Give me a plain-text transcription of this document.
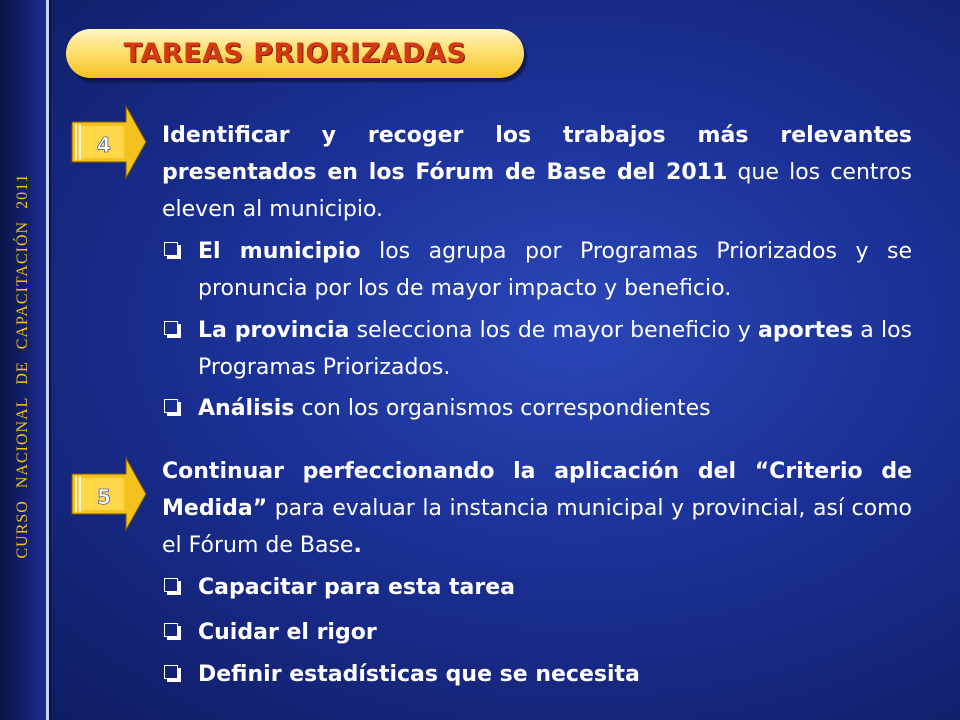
CURSONACIONALDECAPACITACIÓN2011
TAREAS PRIORIZADAS
4 Identificar y recoger los trabajos más relevantes presentados en los Fórum de Base del 2011 que los centros eleven al municipio.

El municipio los agrupa por Programas Priorizados y se pronuncia por los de mayor impacto y beneficio.

La provincia selecciona los de mayor beneficio y aportes a los Programas Priorizados.

Análisis con los organismos correspondientes

5

Continuar perfeccionando la aplicación del “Criterio de Medida” para evaluar la instancia municipal y provincial, así como el Fórum de Base.

Capacitar para esta tarea

Cuidar el rigor

Definir estadísticas que se necesita
